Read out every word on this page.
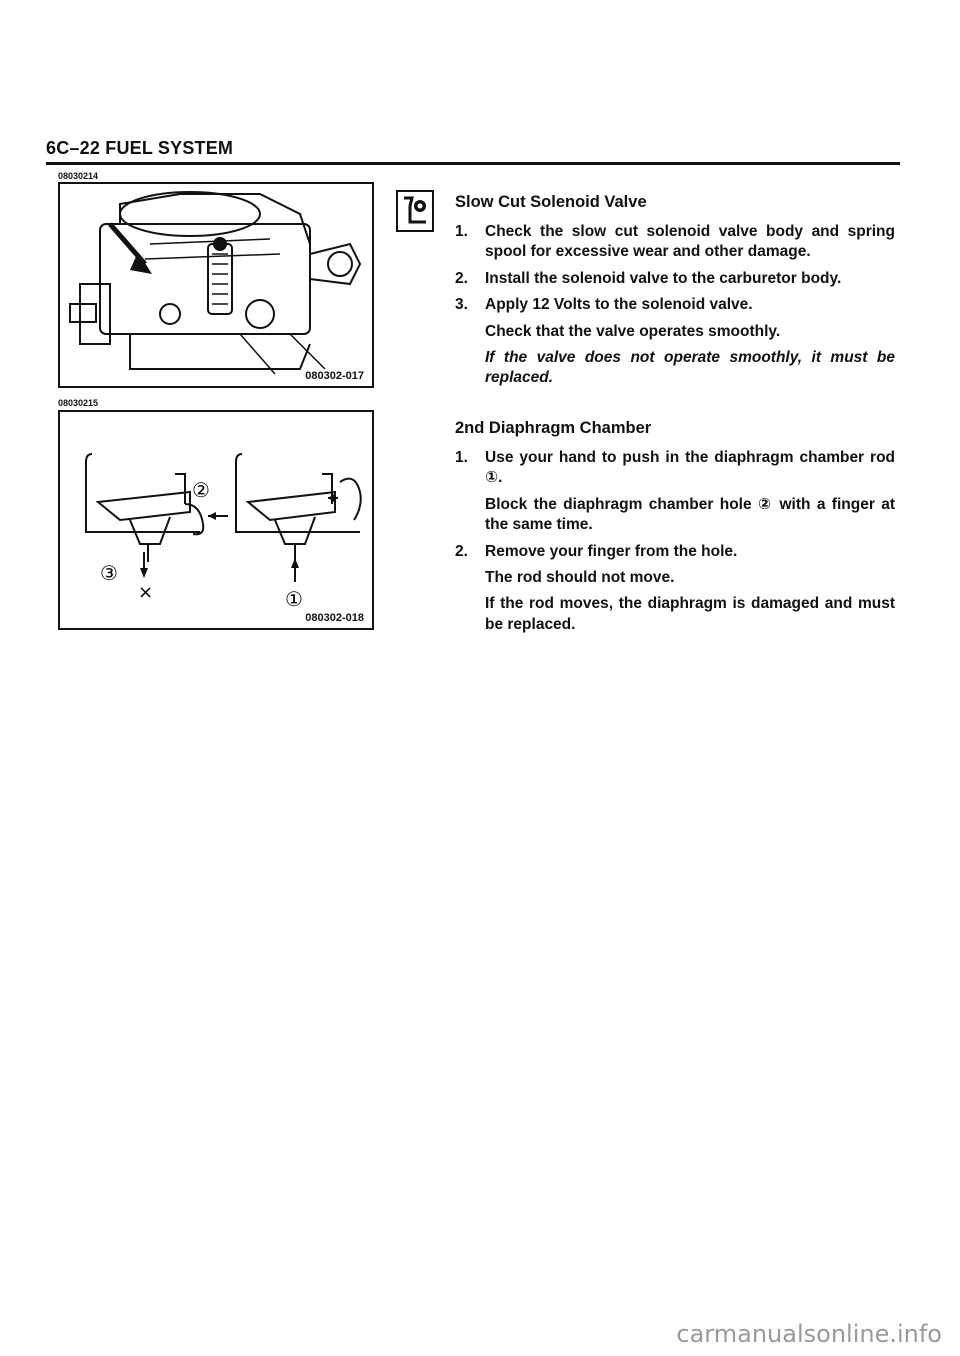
6C–22 FUEL SYSTEM
08030214
080302-017
08030215
②
③
×	①
080302-018
Slow Cut Solenoid Valve
1. Check the slow cut solenoid valve body and spring spool for excessive wear and other damage.
2. Install the solenoid valve to the carburetor body.
3. Apply 12 Volts to the solenoid valve.

Check that the valve operates smoothly.

If the valve does not operate smoothly, it must be replaced.

2nd Diaphragm Chamber
1. Use your hand to push in the diaphragm chamber rod ①.

Block the diaphragm chamber hole ② with a finger at the same time.

2. Remove your finger from the hole.

The rod should not move.

If the rod moves, the diaphragm is damaged and must be replaced.

carmanualsonline.info
